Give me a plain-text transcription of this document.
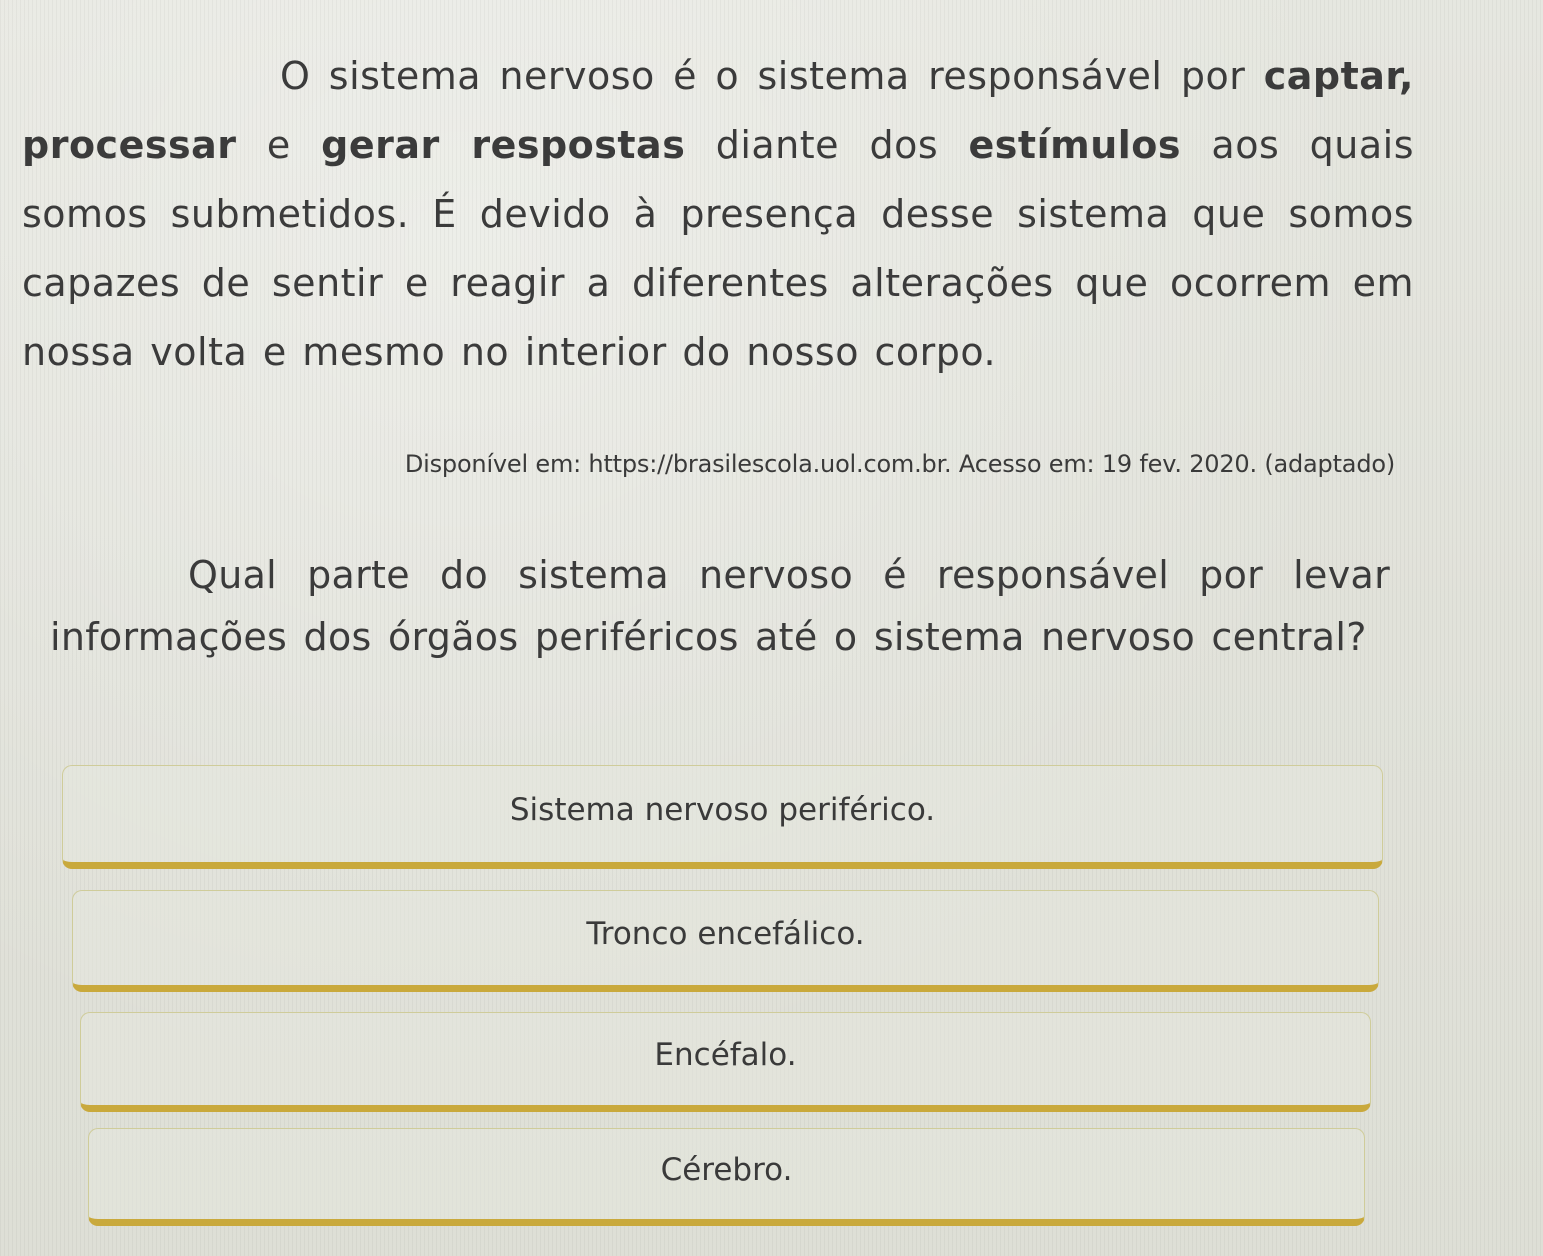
O sistema nervoso é o sistema responsável por captar, processar e gerar respostas diante dos estímulos aos quais somos submetidos. É devido à presença desse sistema que somos capazes de sentir e reagir a diferentes alterações que ocorrem em nossa volta e mesmo no interior do nosso corpo.

Disponível em: https://brasilescola.uol.com.br. Acesso em: 19 fev. 2020. (adaptado)

Qual parte do sistema nervoso é responsável por levar informações dos órgãos periféricos até o sistema nervoso central?

Sistema nervoso periférico.
Tronco encefálico.
Encéfalo.
Cérebro.
